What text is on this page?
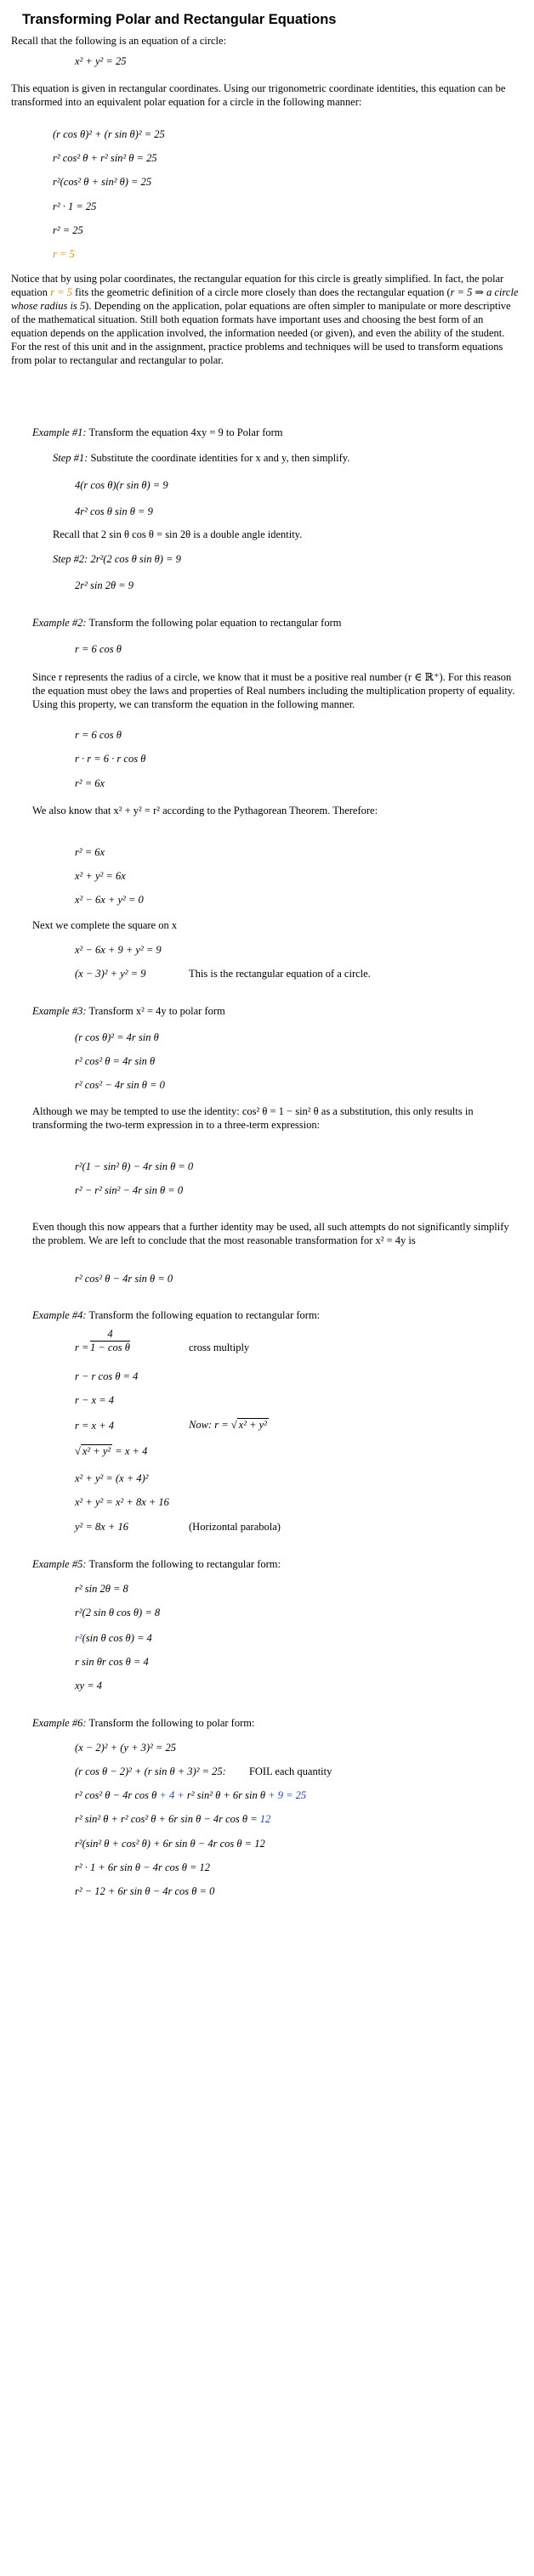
Transforming Polar and Rectangular Equations
Recall that the following is an equation of a circle:
x² + y² = 25
This equation is given in rectangular coordinates. Using our trigonometric coordinate identities, this equation can be transformed into an equivalent polar equation for a circle in the following manner:
(r cos θ)² + (r sin θ)² = 25
r² cos² θ + r² sin² θ = 25
r²(cos² θ + sin² θ) = 25
r² · 1 = 25
r² = 25
r = 5
Notice that by using polar coordinates, the rectangular equation for this circle is greatly simplified. In fact, the polar equation r = 5 fits the geometric definition of a circle more closely than does the rectangular equation (r = 5 ⇒ a circle whose radius is 5). Depending on the application, polar equations are often simpler to manipulate or more descriptive of the mathematical situation. Still both equation formats have important uses and choosing the best form of an equation depends on the application involved, the information needed (or given), and even the ability of the student. For the rest of this unit and in the assignment, practice problems and techniques will be used to transform equations from polar to rectangular and rectangular to polar.
Example #1: Transform the equation 4xy = 9 to Polar form
Step #1: Substitute the coordinate identities for x and y, then simplify.
4(r cos θ)(r sin θ) = 9
4r² cos θ sin θ = 9
Recall that 2 sin θ cos θ = sin 2θ is a double angle identity.
Step #2: 2r²(2 cos θ sin θ) = 9
2r² sin 2θ = 9
Example #2: Transform the following polar equation to rectangular form
r = 6 cos θ
Since r represents the radius of a circle, we know that it must be a positive real number (r ∈ ℝ⁺). For this reason the equation must obey the laws and properties of Real numbers including the multiplication property of equality. Using this property, we can transform the equation in the following manner.
r = 6 cos θ
r · r = 6 · r cos θ
r² = 6x
We also know that x² + y² = r² according to the Pythagorean Theorem. Therefore:
r² = 6x
x² + y² = 6x
x² − 6x + y² = 0
Next we complete the square on x
x² − 6x + 9 + y² = 9
(x − 3)² + y² = 9	This is the rectangular equation of a circle.
Example #3: Transform x² = 4y to polar form
(r cos θ)² = 4r sin θ
r² cos² θ = 4r sin θ
r² cos² − 4r sin θ = 0
Although we may be tempted to use the identity: cos² θ = 1 − sin² θ as a substitution, this only results in transforming the two-term expression in to a three-term expression:
r²(1 − sin² θ) − 4r sin θ = 0
r² − r² sin² − 4r sin θ = 0
Even though this now appears that a further identity may be used, all such attempts do not significantly simplify the problem. We are left to conclude that the most reasonable transformation for x² = 4y is
r² cos² θ − 4r sin θ = 0
Example #4: Transform the following equation to rectangular form:
$r = \frac{4}{\text{1 − cos θ}}$	cross multiply
r − r cos θ = 4
r − x = 4
r = x + 4	Now: r = √ x² + y²
√ x² + y² = x + 4
x² + y² = (x + 4)²
x² + y² = x² + 8x + 16
y² = 8x + 16	(Horizontal parabola)
Example #5: Transform the following to rectangular form:
r² sin 2θ = 8
r²(2 sin θ cos θ) = 8
r²(sin θ cos θ) = 4
r sin θr cos θ = 4
xy = 4
Example #6: Transform the following to polar form:
(x − 2)² + (y + 3)² = 25
(r cos θ − 2)² + (r sin θ + 3)² = 25: FOIL each quantity
r² cos² θ − 4r cos θ + 4 + r² sin² θ + 6r sin θ + 9 = 25
r² sin² θ + r² cos² θ + 6r sin θ − 4r cos θ = 12
r²(sin² θ + cos² θ) + 6r sin θ − 4r cos θ = 12
r² · 1 + 6r sin θ − 4r cos θ = 12
r² − 12 + 6r sin θ − 4r cos θ = 0
